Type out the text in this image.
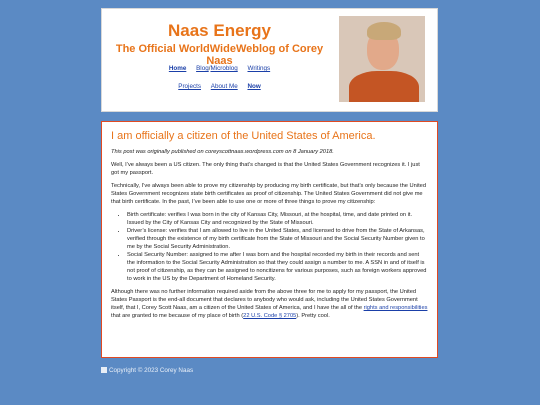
Naas Energy
The Official WorldWideWeblog of Corey Naas
Home Blog/Microblog Writings
Projects About Me Now
I am officially a citizen of the United States of America.

This post was originally published on coreyscottnaas.wordpress.com on 8 January 2018.

Well, I’ve always been a US citizen. The only thing that’s changed is that the United States Government recognizes it. I just got my passport.

Technically, I’ve always been able to prove my citizenship by producing my birth certificate, but that’s only because the United States Government recognizes state birth certificates as proof of citizenship. The United States Government did not give me that birth certificate. In the past, I’ve been able to use one or more of three things to prove my citizenship:

• Birth certificate: verifies I was born in the city of Kansas City, Missouri, at the hospital, time, and date printed on it. Issued by the City of Kansas City and recognized by the State of Missouri.
• Driver’s license: verifies that I am allowed to live in the United States, and licensed to drive from the State of Arkansas, verified through the existence of my birth certificate from the State of Missouri and the Social Security Number given to me by the Social Security Administration.
• Social Security Number: assigned to me after I was born and the hospital recorded my birth in their records and sent the information to the Social Security Administration so that they could assign a number to me. A SSN in and of itself is not proof of citizenship, as they can be assigned to noncitizens for various purposes, such as foreign workers approved to work in the US by the Department of Homeland Security.

Although there was no further information required aside from the above three for me to apply for my passport, the United States Passport is the end-all document that declares to anybody who would ask, including the United States Government itself, that I, Corey Scott Naas, am a citizen of the United States of America, and I have the all of the rights and responsibilities that are granted to me because of my place of birth (22 U.S. Code § 2705). Pretty cool.

Copyright © 2023 Corey Naas
